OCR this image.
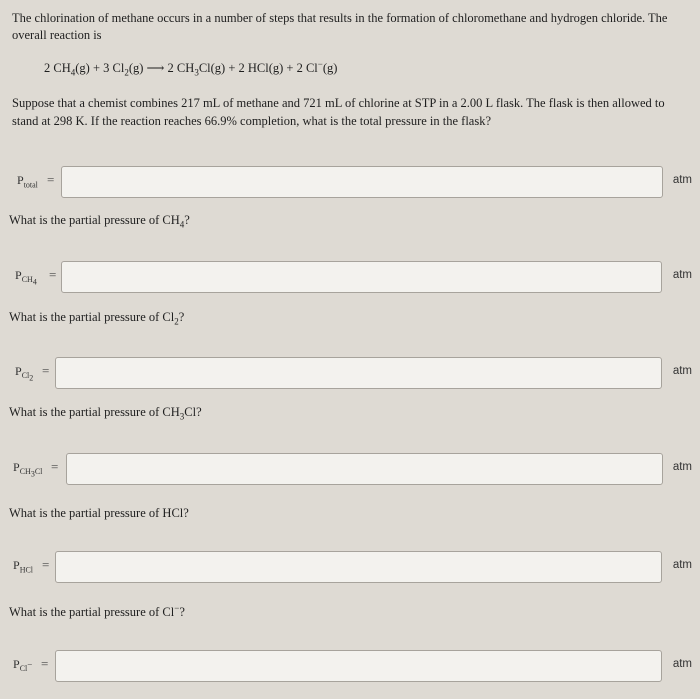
The chlorination of methane occurs in a number of steps that results in the formation of chloromethane and hydrogen chloride. The overall reaction is
2 $CH_4(g) + 3$ $Cl_2(g)$ ⟶ 2 $CH_3Cl(g) + 2$ HCl(g) + 2 Cl−(g)
Suppose that a chemist combines 217 mL of methane and 721 mL of chlorine at STP in a 2.00 L flask. The flask is then allowed to stand at 298 K. If the reaction reaches 66.9% completion, what is the total pressure in the flask?
$P_{total}$ =	atm
What is the partial pressure of $CH_4$?
$P_{CH_4}$
=	atm
What is the partial pressure of $Cl_2$?
$P_{Cl_2}$
=	atm
What is the partial pressure of $CH_3Cl$?
$P_{CH_3Cl}$ =	atm
What is the partial pressure of HCl?
$P_{HCl}$ =	atm
What is the partial pressure of Cl−?
$P_{Cl^-}$ =	atm
